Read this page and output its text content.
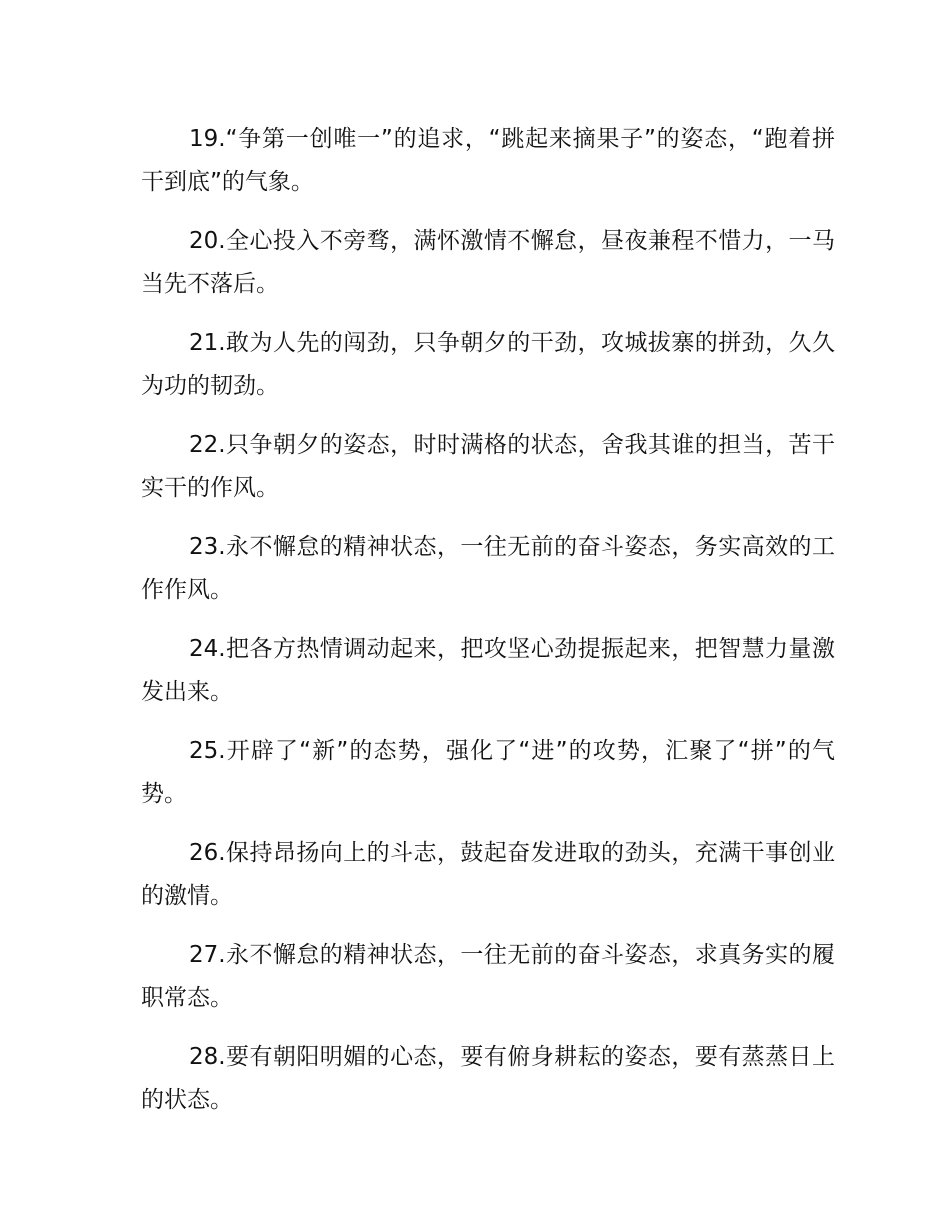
19.“争第一创唯一”的追求，“跳起来摘果子”的姿态，“跑着拼干到底”的气象。

20.全心投入不旁骛，满怀激情不懈怠，昼夜兼程不惜力，一马当先不落后。

21.敢为人先的闯劲，只争朝夕的干劲，攻城拔寨的拼劲，久久为功的韧劲。

22.只争朝夕的姿态，时时满格的状态，舍我其谁的担当，苦干实干的作风。

23.永不懈怠的精神状态，一往无前的奋斗姿态，务实高效的工作作风。

24.把各方热情调动起来，把攻坚心劲提振起来，把智慧力量激发出来。

25.开辟了“新”的态势，强化了“进”的攻势，汇聚了“拼”的气势。

26.保持昂扬向上的斗志，鼓起奋发进取的劲头，充满干事创业的激情。

27.永不懈怠的精神状态，一往无前的奋斗姿态，求真务实的履职常态。

28.要有朝阳明媚的心态，要有俯身耕耘的姿态，要有蒸蒸日上的状态。
